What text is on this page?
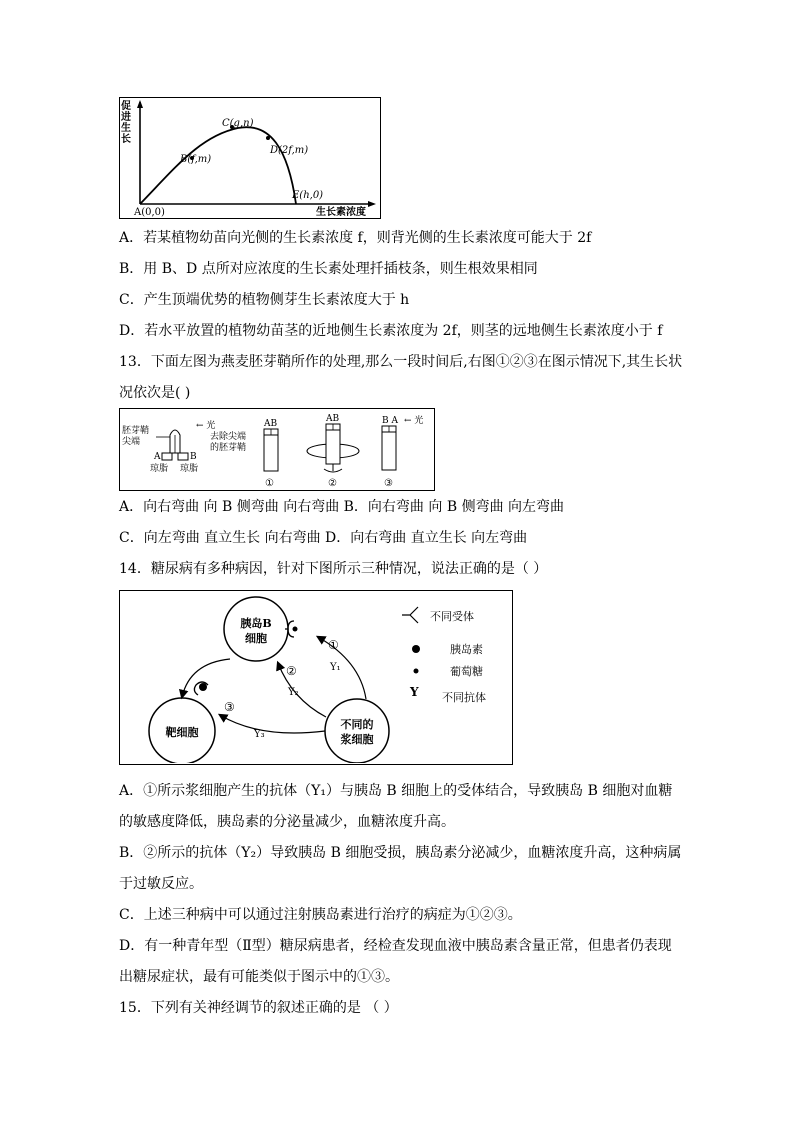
A(0,0)
B(f,m)
C(g,n)
D(2f,m)
E(h,0)
生长素浓度
促
进
生
长
A．若某植物幼苗向光侧的生长素浓度 f，则背光侧的生长素浓度可能大于 2f
B．用 B、D 点所对应浓度的生长素处理扦插枝条，则生根效果相同
C．产生顶端优势的植物侧芽生长素浓度大于 h
D．若水平放置的植物幼苗茎的近地侧生长素浓度为 2f，则茎的远地侧生长素浓度小于 f
13．下面左图为燕麦胚芽鞘所作的处理,那么一段时间后,右图①②③在图示情况下,其生长状
况依次是( )
← 光
胚芽鞘
尖端
A	B
琼脂 琼脂
去除尖端
的胚芽鞘
AB
①
AB
②
B A ← 光
③
A．向右弯曲 向 B 侧弯曲 向右弯曲 B．向右弯曲 向 B 侧弯曲 向左弯曲
C．向左弯曲 直立生长 向右弯曲 D．向右弯曲 直立生长 向左弯曲
14．糖尿病有多种病因，针对下图所示三种情况，说法正确的是（ ）
胰岛B
细胞
靶细胞
不同的
浆细胞
①
Y₁
②
Y₂
③
Y₃
不同受体
胰岛素
葡萄糖
Y 不同抗体
A．①所示浆细胞产生的抗体（Y₁）与胰岛 B 细胞上的受体结合，导致胰岛 B 细胞对血糖
的敏感度降低，胰岛素的分泌量减少，血糖浓度升高。
B．②所示的抗体（Y₂）导致胰岛 B 细胞受损，胰岛素分泌减少，血糖浓度升高，这种病属
于过敏反应。
C．上述三种病中可以通过注射胰岛素进行治疗的病症为①②③。
D．有一种青年型（Ⅱ型）糖尿病患者，经检查发现血液中胰岛素含量正常，但患者仍表现
出糖尿症状，最有可能类似于图示中的①③。
15．下列有关神经调节的叙述正确的是 （ ）
